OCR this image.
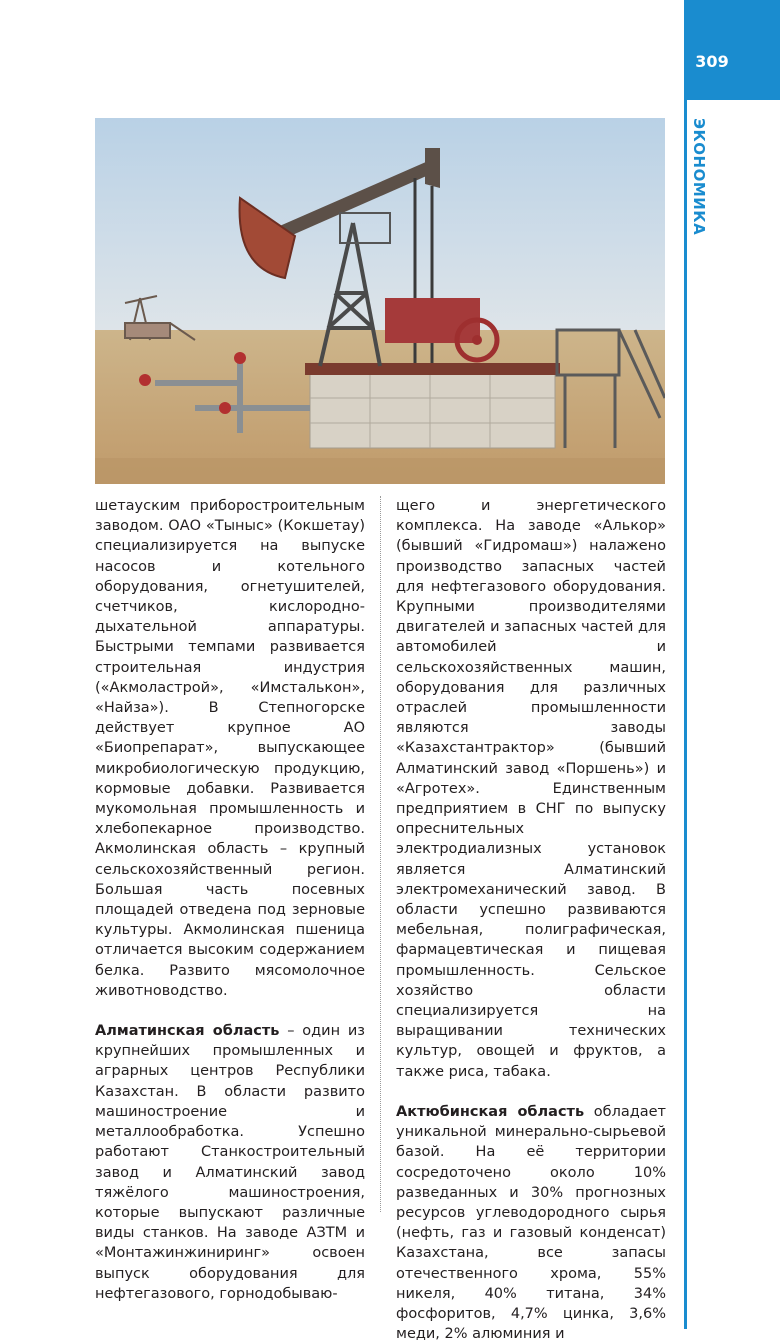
309
ЭКОНОМИКА

шетауским приборостроительным заводом. ОАО «Тыныс» (Кокшетау) специализируется на выпуске насосов и котельного оборудования, огнетушителей, счетчиков, кислородно-дыхательной аппаратуры. Быстрыми темпами развивается строительная индустрия («Акмоластрой», «Имсталькон», «Найза»). В Степногорске действует крупное АО «Биопрепарат», выпускающее микробиологическую продукцию, кормовые добавки. Развивается мукомольная промышленность и хлебопекарное производство. Акмолинская область – крупный сельскохозяйственный регион. Большая часть посевных площадей отведена под зерновые культуры. Акмолинская пшеница отличается высоким содержанием белка. Развито мясомолочное животноводство.

Алматинская область – один из крупнейших промышленных и аграрных центров Республики Казахстан. В области развито машиностроение и металлообработка. Успешно работают Станкостроительный завод и Алматинский завод тяжёлого машиностроения, которые выпускают различные виды станков. На заводе АЗТМ и «Монтажинжиниринг» освоен выпуск оборудования для нефтегазового, горнодобываю-

щего и энергетического комплекса. На заводе «Алькор» (бывший «Гидромаш») налажено производство запасных частей для нефтегазового оборудования. Крупными производителями двигателей и запасных частей для автомобилей и сельскохозяйственных машин, оборудования для различных отраслей промышленности являются заводы «Казахстантрактор» (бывший Алматинский завод «Поршень») и «Агротех». Единственным предприятием в СНГ по выпуску опреснительных электродиализных установок является Алматинский электромеханический завод. В области успешно развиваются мебельная, полиграфическая, фармацевтическая и пищевая промышленность. Сельское хозяйство области специализируется на выращивании технических культур, овощей и фруктов, а также риса, табака.

Актюбинская область обладает уникальной минерально-сырьевой базой. На её территории сосредоточено около 10% разведанных и 30% прогнозных ресурсов углеводородного сырья (нефть, газ и газовый конденсат) Казахстана, все запасы отечественного хрома, 55% никеля, 40% титана, 34% фосфоритов, 4,7% цинка, 3,6% меди, 2% алюминия и
